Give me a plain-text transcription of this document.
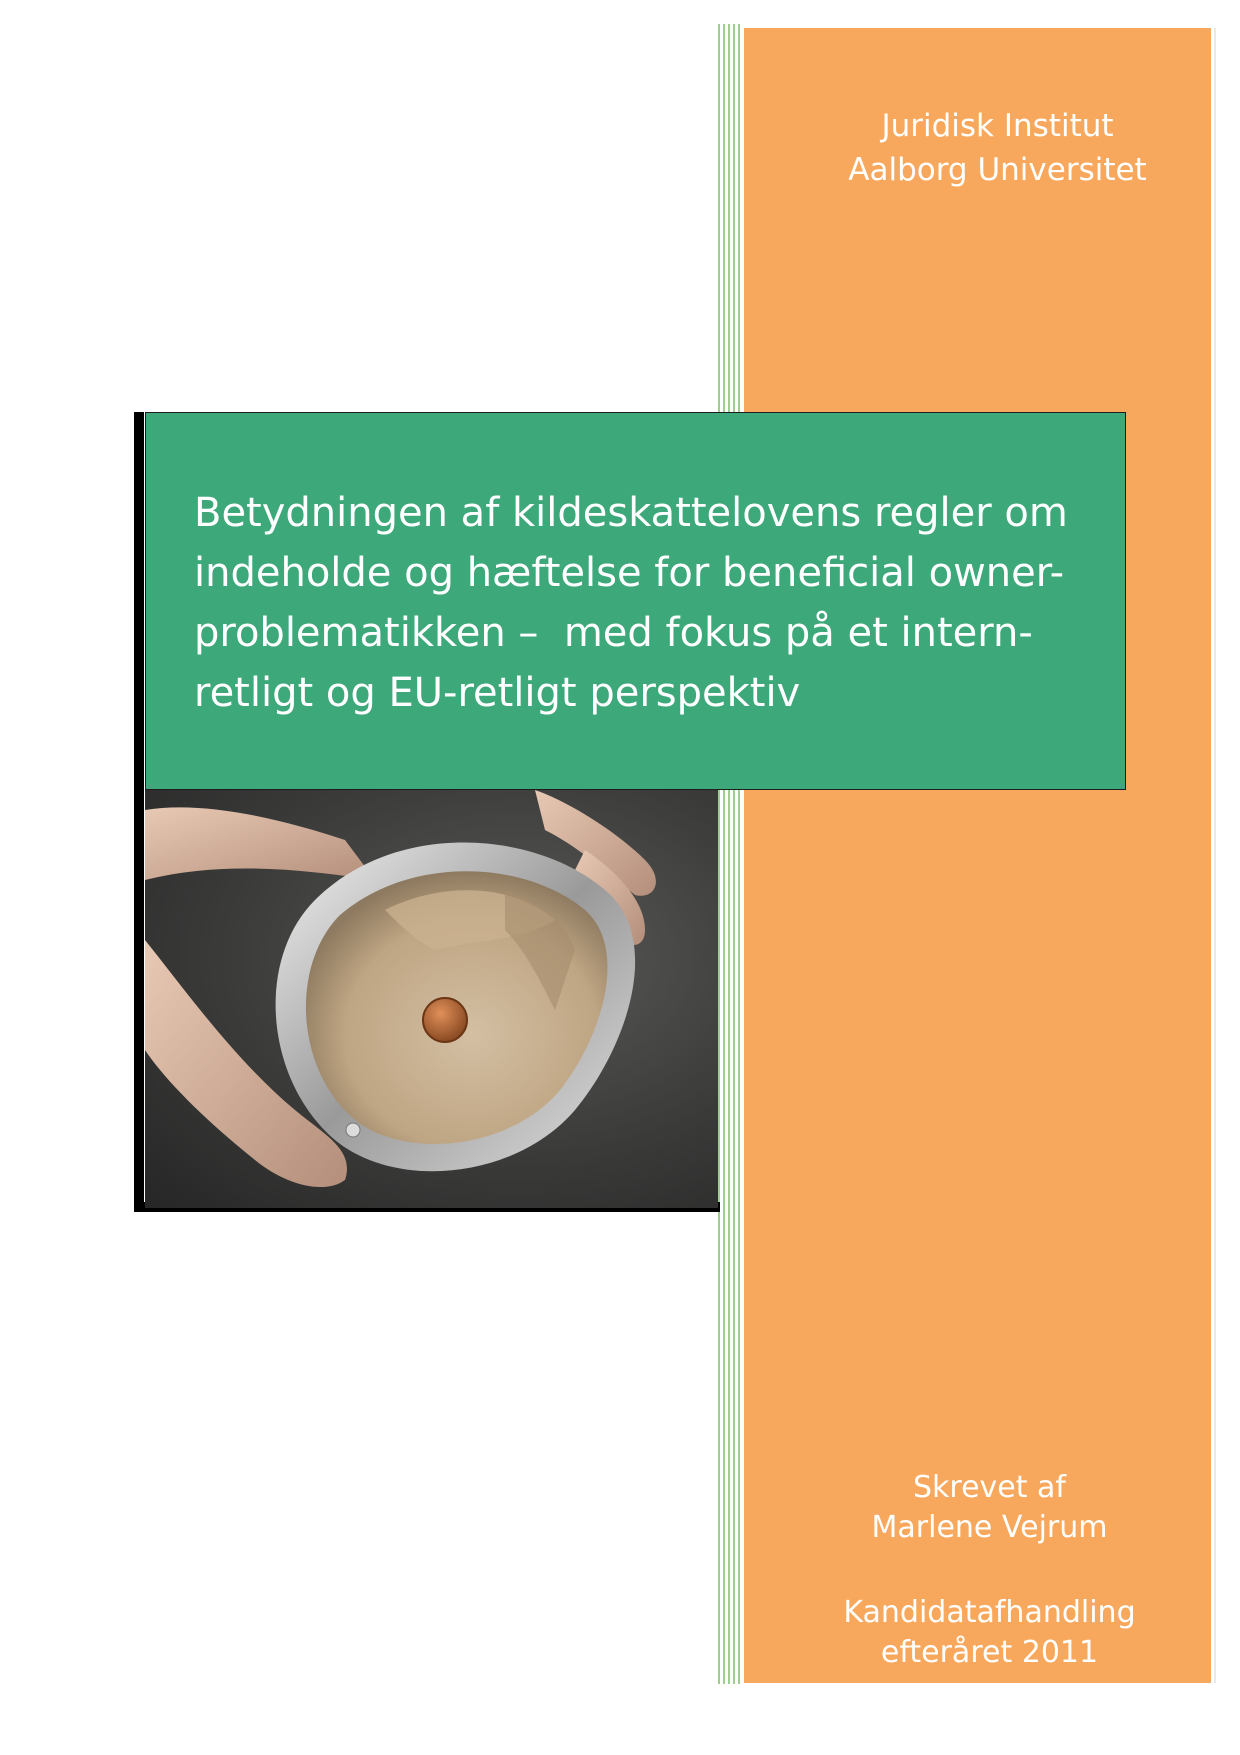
Juridisk Institut
Aalborg Universitet
Skrevet af
Marlene Vejrum
Kandidatafhandling
efteråret 2011
Betydningen af kildeskattelovens regler om
indeholde og hæftelse for beneficial owner-
problematikken –  med fokus på et intern-
retligt og EU-retligt perspektiv
